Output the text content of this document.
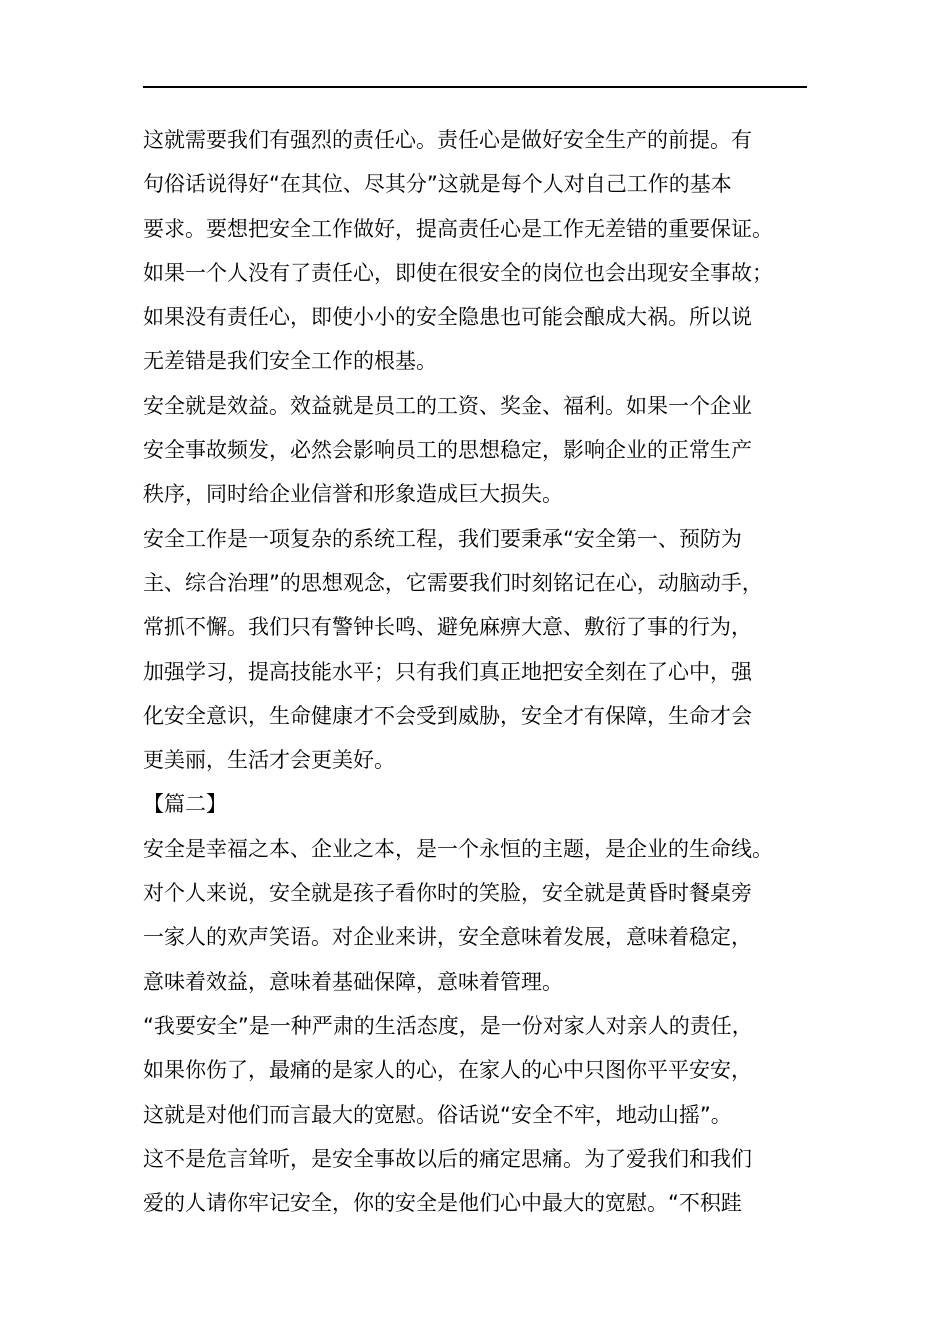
这就需要我们有强烈的责任心。责任心是做好安全生产的前提。有
句俗话说得好“在其位、尽其分”这就是每个人对自己工作的基本
要求。要想把安全工作做好，提高责任心是工作无差错的重要保证。
如果一个人没有了责任心，即使在很安全的岗位也会出现安全事故；
如果没有责任心，即使小小的安全隐患也可能会酿成大祸。所以说
无差错是我们安全工作的根基。
安全就是效益。效益就是员工的工资、奖金、福利。如果一个企业
安全事故频发，必然会影响员工的思想稳定，影响企业的正常生产
秩序，同时给企业信誉和形象造成巨大损失。
安全工作是一项复杂的系统工程，我们要秉承“安全第一、预防为
主、综合治理”的思想观念，它需要我们时刻铭记在心，动脑动手，
常抓不懈。我们只有警钟长鸣、避免麻痹大意、敷衍了事的行为，
加强学习，提高技能水平；只有我们真正地把安全刻在了心中，强
化安全意识，生命健康才不会受到威胁，安全才有保障，生命才会
更美丽，生活才会更美好。
【篇二】
安全是幸福之本、企业之本，是一个永恒的主题，是企业的生命线。
对个人来说，安全就是孩子看你时的笑脸，安全就是黄昏时餐桌旁
一家人的欢声笑语。对企业来讲，安全意味着发展，意味着稳定，
意味着效益，意味着基础保障，意味着管理。
“我要安全”是一种严肃的生活态度，是一份对家人对亲人的责任，
如果你伤了，最痛的是家人的心，在家人的心中只图你平平安安，
这就是对他们而言最大的宽慰。俗话说“安全不牢，地动山摇”。
这不是危言耸听，是安全事故以后的痛定思痛。为了爱我们和我们
爱的人请你牢记安全，你的安全是他们心中最大的宽慰。“不积跬
